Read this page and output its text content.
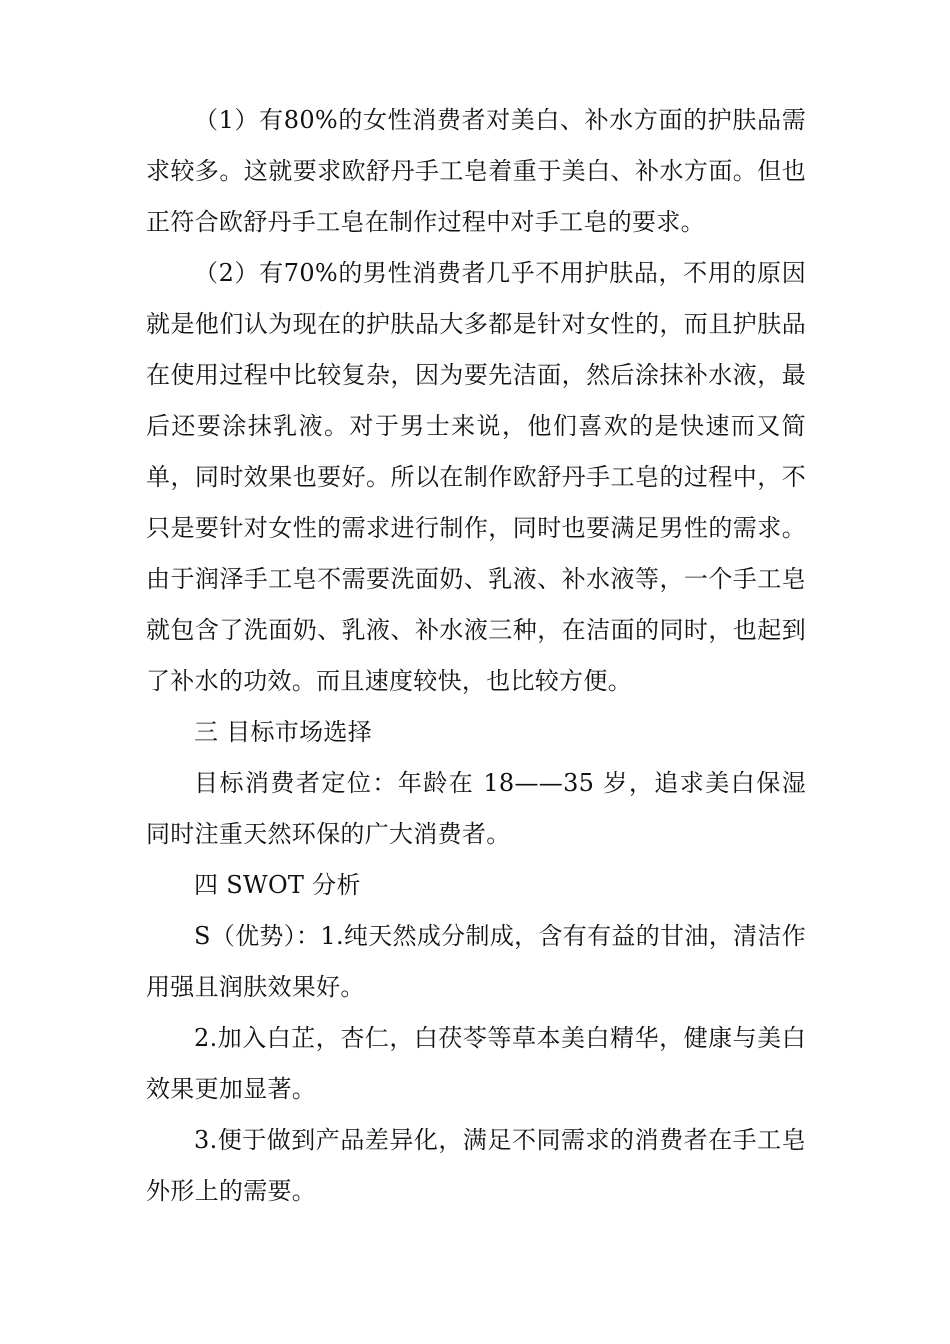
（1）有80%的女性消费者对美白、补水方面的护肤品需求较多。这就要求欧舒丹手工皂着重于美白、补水方面。但也正符合欧舒丹手工皂在制作过程中对手工皂的要求。

（2）有70%的男性消费者几乎不用护肤品，不用的原因就是他们认为现在的护肤品大多都是针对女性的，而且护肤品在使用过程中比较复杂，因为要先洁面，然后涂抹补水液，最后还要涂抹乳液。对于男士来说，他们喜欢的是快速而又简单，同时效果也要好。所以在制作欧舒丹手工皂的过程中，不只是要针对女性的需求进行制作，同时也要满足男性的需求。由于润泽手工皂不需要洗面奶、乳液、补水液等，一个手工皂就包含了洗面奶、乳液、补水液三种，在洁面的同时，也起到了补水的功效。而且速度较快，也比较方便。

三 目标市场选择

目标消费者定位：年龄在 18——35 岁，追求美白保湿同时注重天然环保的广大消费者。

四 SWOT 分析

S（优势）：1.纯天然成分制成，含有有益的甘油，清洁作用强且润肤效果好。

2.加入白芷，杏仁，白茯苓等草本美白精华，健康与美白效果更加显著。

3.便于做到产品差异化，满足不同需求的消费者在手工皂外形上的需要。
